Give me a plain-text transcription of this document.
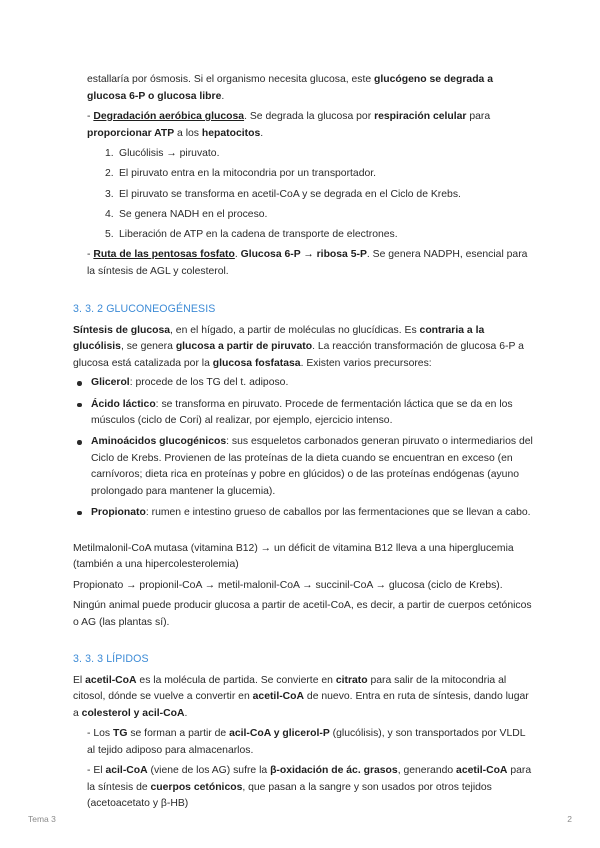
estallaría por ósmosis. Si el organismo necesita glucosa, este glucógeno se degrada a glucosa 6-P o glucosa libre.

- Degradación aeróbica glucosa. Se degrada la glucosa por respiración celular para proporcionar ATP a los hepatocitos.

1. Glucólisis → piruvato.
2. El piruvato entra en la mitocondria por un transportador.
3. El piruvato se transforma en acetil-CoA y se degrada en el Ciclo de Krebs.
4. Se genera NADH en el proceso.
5. Liberación de ATP en la cadena de transporte de electrones.

- Ruta de las pentosas fosfato. Glucosa 6-P → ribosa 5-P. Se genera NADPH, esencial para la síntesis de AGL y colesterol.

3. 3. 2 GLUCONEOGÉNESIS

Síntesis de glucosa, en el hígado, a partir de moléculas no glucídicas. Es contraria a la glucólisis, se genera glucosa a partir de piruvato. La reacción transformación de glucosa 6-P a glucosa está catalizada por la glucosa fosfatasa. Existen varios precursores:

Glicerol: procede de los TG del t. adiposo.
Ácido láctico: se transforma en piruvato. Procede de fermentación láctica que se da en los músculos (ciclo de Cori) al realizar, por ejemplo, ejercicio intenso.
Aminoácidos glucogénicos: sus esqueletos carbonados generan piruvato o intermediarios del Ciclo de Krebs. Provienen de las proteínas de la dieta cuando se encuentran en exceso (en carnívoros; dieta rica en proteínas y pobre en glúcidos) o de las proteínas endógenas (ayuno prolongado para mantener la glucemia).
Propionato: rumen e intestino grueso de caballos por las fermentaciones que se llevan a cabo.

Metilmalonil-CoA mutasa (vitamina B12) → un déficit de vitamina B12 lleva a una hiperglucemia (también a una hipercolesterolemia)

Propionato → propionil-CoA → metil-malonil-CoA → succinil-CoA → glucosa (ciclo de Krebs).

Ningún animal puede producir glucosa a partir de acetil-CoA, es decir, a partir de cuerpos cetónicos o AG (las plantas sí).

3. 3. 3 LÍPIDOS

El acetil-CoA es la molécula de partida. Se convierte en citrato para salir de la mitocondria al citosol, dónde se vuelve a convertir en acetil-CoA de nuevo. Entra en ruta de síntesis, dando lugar a colesterol y acil-CoA.

- Los TG se forman a partir de acil-CoA y glicerol-P (glucólisis), y son transportados por VLDL al tejido adiposo para almacenarlos.

- El acil-CoA (viene de los AG) sufre la β-oxidación de ác. grasos, generando acetil-CoA para la síntesis de cuerpos cetónicos, que pasan a la sangre y son usados por otros tejidos (acetoacetato y β-HB)

Tema 3	2
